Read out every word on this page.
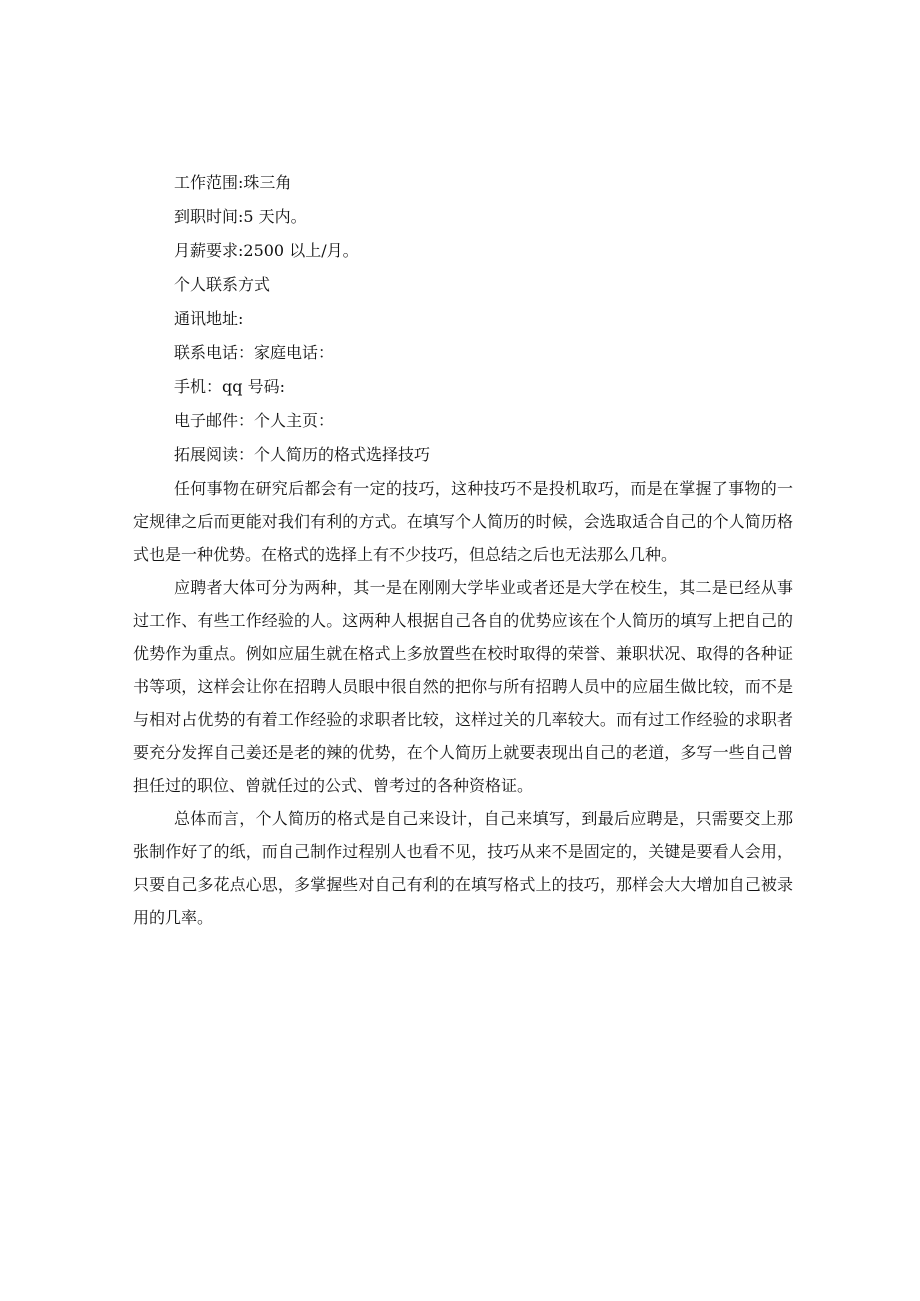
工作范围:珠三角

到职时间:5 天内。

月薪要求:2500 以上/月。

个人联系方式

通讯地址:

联系电话：家庭电话：

手机：qq 号码:

电子邮件：个人主页：

拓展阅读：个人简历的格式选择技巧

任何事物在研究后都会有一定的技巧，这种技巧不是投机取巧，而是在掌握了事物的一定规律之后而更能对我们有利的方式。在填写个人简历的时候，会选取适合自己的个人简历格式也是一种优势。在格式的选择上有不少技巧，但总结之后也无法那么几种。

应聘者大体可分为两种，其一是在刚刚大学毕业或者还是大学在校生，其二是已经从事过工作、有些工作经验的人。这两种人根据自己各自的优势应该在个人简历的填写上把自己的优势作为重点。例如应届生就在格式上多放置些在校时取得的荣誉、兼职状况、取得的各种证书等项，这样会让你在招聘人员眼中很自然的把你与所有招聘人员中的应届生做比较，而不是与相对占优势的有着工作经验的求职者比较，这样过关的几率较大。而有过工作经验的求职者要充分发挥自己姜还是老的辣的优势，在个人简历上就要表现出自己的老道，多写一些自己曾担任过的职位、曾就任过的公式、曾考过的各种资格证。

总体而言，个人简历的格式是自己来设计，自己来填写，到最后应聘是，只需要交上那张制作好了的纸，而自己制作过程别人也看不见，技巧从来不是固定的，关键是要看人会用，只要自己多花点心思，多掌握些对自己有利的在填写格式上的技巧，那样会大大增加自己被录用的几率。
